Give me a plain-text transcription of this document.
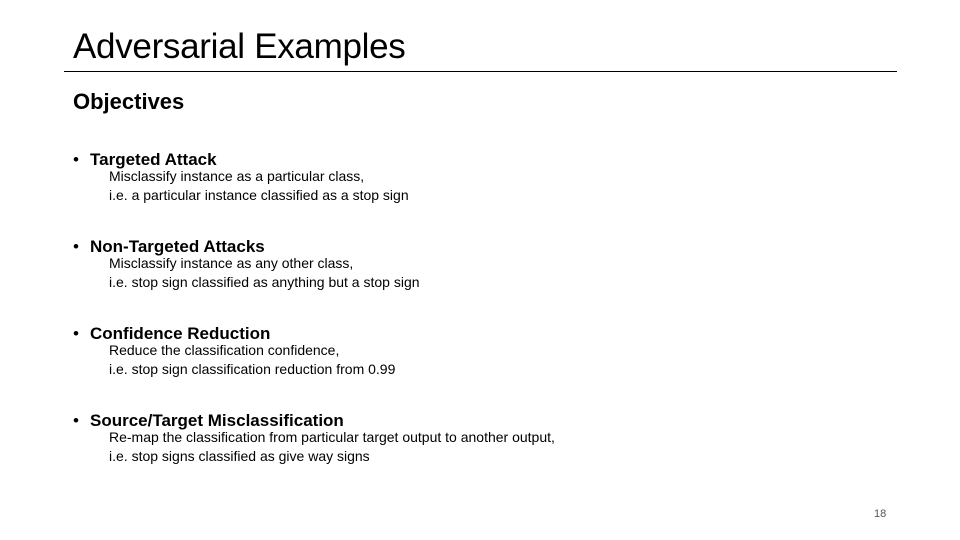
Adversarial Examples
Objectives
• Targeted Attack
Misclassify instance as a particular class,
i.e. a particular instance classified as a stop sign
• Non-Targeted Attacks
Misclassify instance as any other class,
i.e. stop sign classified as anything but a stop sign
• Confidence Reduction
Reduce the classification confidence,
i.e. stop sign classification reduction from 0.99
• Source/Target Misclassification
Re-map the classification from particular target output to another output,
i.e. stop signs classified as give way signs
18
